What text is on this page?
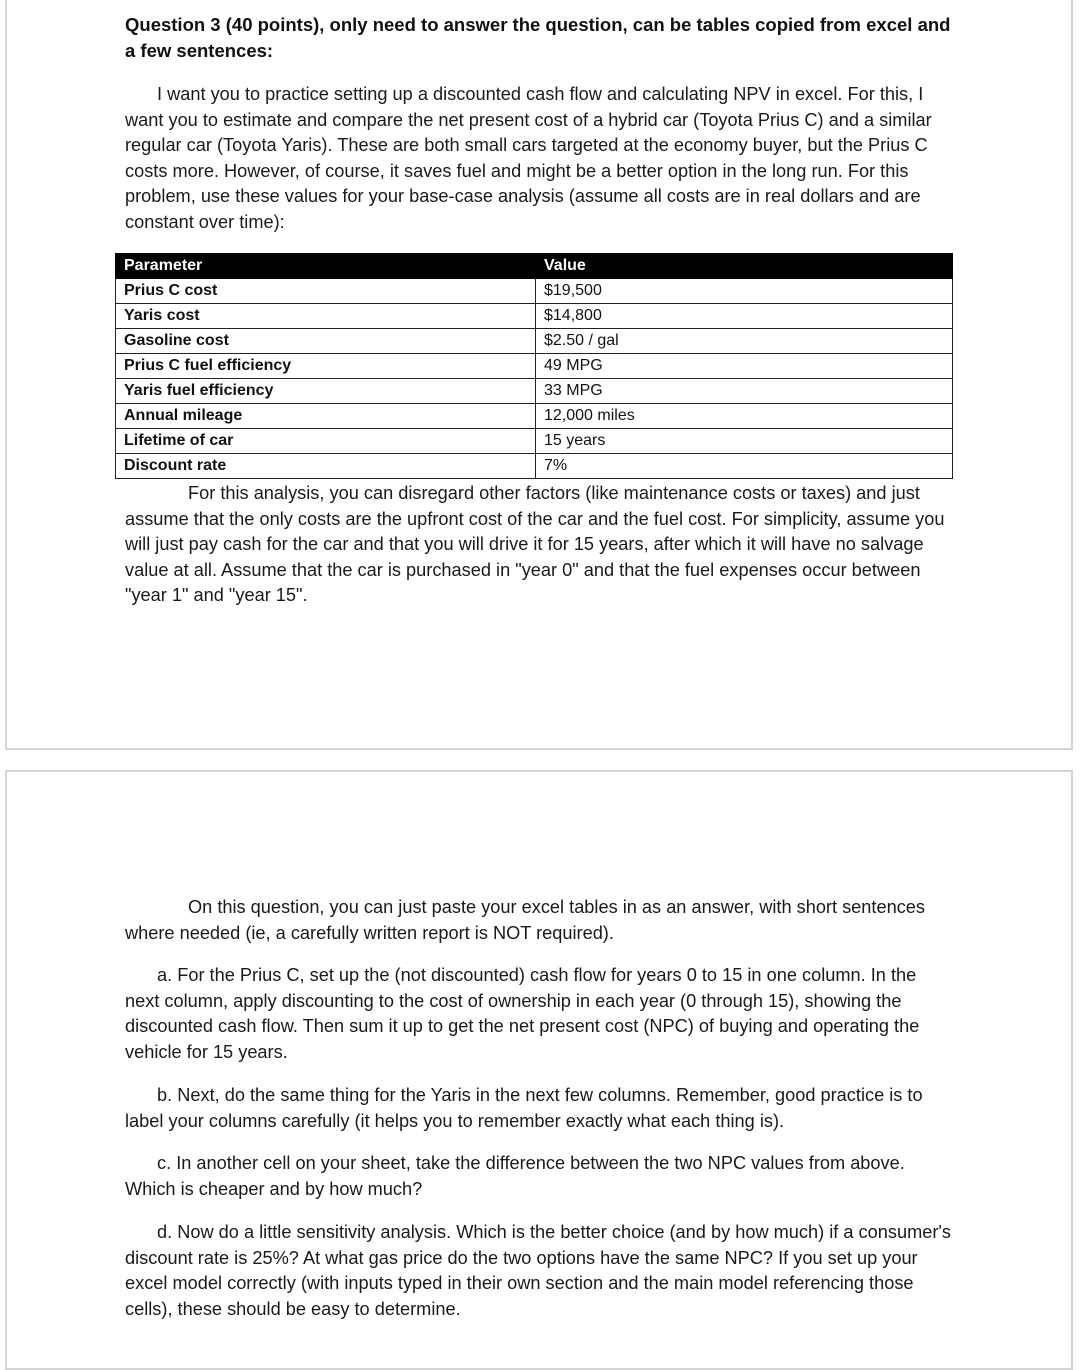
Question 3 (40 points), only need to answer the question, can be tables copied from excel and a few sentences:
I want you to practice setting up a discounted cash flow and calculating NPV in excel. For this, I want you to estimate and compare the net present cost of a hybrid car (Toyota Prius C) and a similar regular car (Toyota Yaris). These are both small cars targeted at the economy buyer, but the Prius C costs more. However, of course, it saves fuel and might be a better option in the long run. For this problem, use these values for your base-case analysis (assume all costs are in real dollars and are constant over time):
Parameter	Value
Prius C cost	$19,500
Yaris cost	$14,800
Gasoline cost	$2.50 / gal
Prius C fuel efficiency	49 MPG
Yaris fuel efficiency	33 MPG
Annual mileage	12,000 miles
Lifetime of car	15 years
Discount rate	7%
For this analysis, you can disregard other factors (like maintenance costs or taxes) and just assume that the only costs are the upfront cost of the car and the fuel cost. For simplicity, assume you will just pay cash for the car and that you will drive it for 15 years, after which it will have no salvage value at all. Assume that the car is purchased in "year 0" and that the fuel expenses occur between "year 1" and "year 15".
On this question, you can just paste your excel tables in as an answer, with short sentences where needed (ie, a carefully written report is NOT required).
a. For the Prius C, set up the (not discounted) cash flow for years 0 to 15 in one column. In the next column, apply discounting to the cost of ownership in each year (0 through 15), showing the discounted cash flow. Then sum it up to get the net present cost (NPC) of buying and operating the vehicle for 15 years.
b. Next, do the same thing for the Yaris in the next few columns. Remember, good practice is to label your columns carefully (it helps you to remember exactly what each thing is).
c. In another cell on your sheet, take the difference between the two NPC values from above. Which is cheaper and by how much?
d. Now do a little sensitivity analysis. Which is the better choice (and by how much) if a consumer's discount rate is 25%? At what gas price do the two options have the same NPC? If you set up your excel model correctly (with inputs typed in their own section and the main model referencing those cells), these should be easy to determine.
